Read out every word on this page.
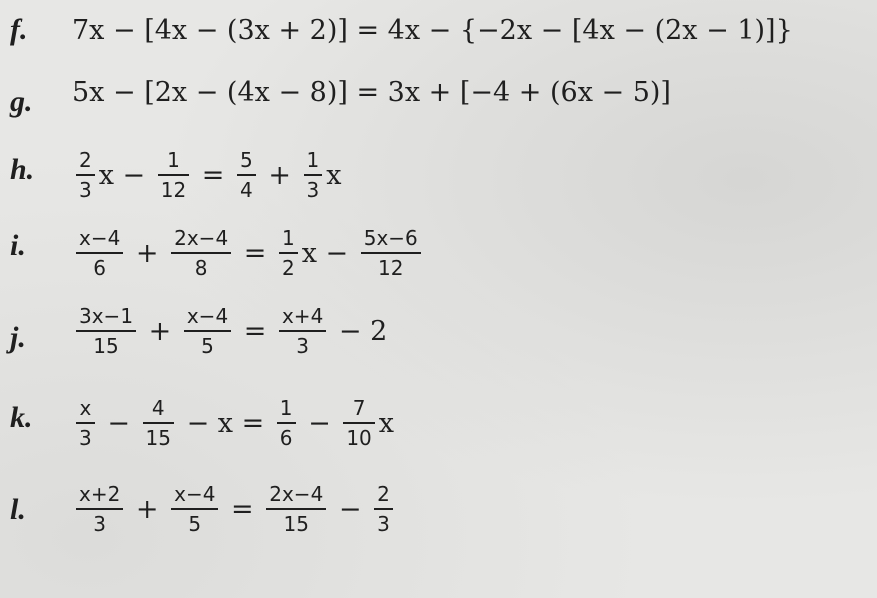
f. 7x − [4x − (3x + 2)] = 4x − {−2x − [4x − (2x − 1)]}
g. 5x − [2x − (4x − 8)] = 3x + [−4 + (6x − 5)]
h. $\frac{2}{3}$ $x - \frac{1}{12} = \frac{5}{4} + \frac{1}{3}$ x
i.	$\frac{x-4}{6} + \frac{2x-4}{8} = \frac{1}{2}$ $x - \frac{5x-6}{12}$
j.	$\frac{3x-1}{15} + \frac{x-4}{5} = \frac{x+4}{3} - 2$
k. $\frac{x}{3} - \frac{4}{15} - x = \frac{1}{6} - \frac{7}{10}$ x
l.	$\frac{x+2}{3} + \frac{x-4}{5} = \frac{2x-4}{15} - \frac{2}{3}$
